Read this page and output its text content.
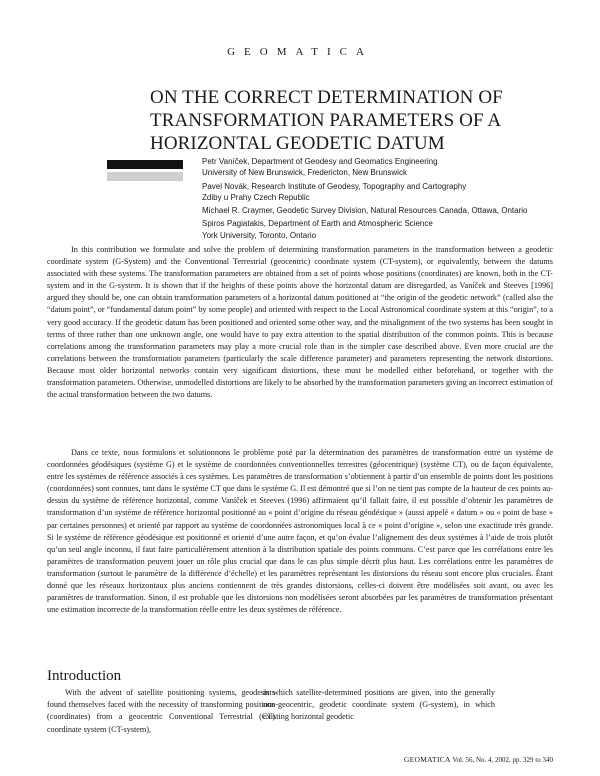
GEOMATICA
ON THE CORRECT DETERMINATION OF TRANSFORMATION PARAMETERS OF A HORIZONTAL GEODETIC DATUM
Petr Vaníček, Department of Geodesy and Geomatics Engineering
University of New Brunswick, Fredericton, New Brunswick
Pavel Novák, Research Institute of Geodesy, Topography and Cartography
Zdiby u Prahy Czech Republic
Michael R. Craymer, Geodetic Survey Division, Natural Resources Canada, Ottawa, Ontario
Spiros Pagiatakis, Department of Earth and Atmospheric Science
York University, Toronto, Ontario

In this contribution we formulate and solve the problem of determining transformation parameters in the transformation between a geodetic coordinate system (G-System) and the Conventional Terrestrial (geocentric) coordinate system (CT-system), or equivalently, between the datums associated with these systems. The transformation parameters are obtained from a set of points whose positions (coordinates) are known, both in the CT-system and in the G-system. It is shown that if the heights of these points above the horizontal datum are disregarded, as Vaníček and Steeves [1996] argued they should be, one can obtain transformation parameters of a horizontal datum positioned at “the origin of the geodetic network” (called also the “datum point”, or “fundamental datum point” by some people) and oriented with respect to the Local Astronomical coordinate system at this “origin”, to a very good accuracy. If the geodetic datum has been positioned and oriented some other way, and the misalignment of the two systems has been sought in terms of three rather than one unknown angle, one would have to pay extra attention to the spatial distribution of the common points. This is because correlations among the transformation parameters may play a more crucial role than in the simpler case described above. Even more crucial are the correlations between the transformation parameters (particularly the scale difference parameter) and parameters representing the network distortions. Because most older horizontal networks contain very significant distortions, these must be modelled either beforehand, or together with the transformation parameters. Otherwise, unmodelled distortions are likely to be absorbed by the transformation parameters giving an incorrect estimation of the actual transformation between the two datums.

Dans ce texte, nous formulons et solutionnons le problème posé par la détermination des paramètres de transformation entre un système de coordonnées géodésiques (système G) et le système de coordonnées conventionnelles terrestres (géocentrique) (système CT), ou de façon équivalente, entre les systèmes de référence associés à ces systèmes. Les paramètres de transformation s’obtiennent à partir d’un ensemble de points dont les positions (coordonnées) sont connues, tant dans le système CT que dans le système G. Il est démontré que si l’on ne tient pas compte de la hauteur de ces points au-dessus du système de référence horizontal, comme Vaníček et Steeves (1996) affirmaient qu’il fallait faire, il est possible d’obtenir les paramètres de transformation d’un système de référence horizontal positionné au « point d’origine du réseau géodésique » (aussi appelé « datum » ou « point de base » par certaines personnes) et orienté par rapport au système de coordonnées astronomiques local à ce « point d’origine », selon une exactitude très grande. Si le système de référence géodésique est positionné et orienté d’une autre façon, et qu’on évalue l’alignement des deux systèmes à l’aide de trois plutôt qu’un seul angle inconnu, il faut faire particulièrement attention à la distribution spatiale des points communs. C’est parce que les corrélations entre les paramètres de transformation peuvent jouer un rôle plus crucial que dans le cas plus simple décrit plus haut. Les corrélations entre les paramètres de transformation (surtout le paramètre de la différence d’échelle) et les paramètres représentant les distorsions du réseau sont encore plus cruciales. Étant donné que les réseaux horizontaux plus anciens contiennent de très grandes distorsions, celles-ci doivent être modélisées soit avant, ou avec les paramètres de transformation. Sinon, il est probable que les distorsions non modélisées seront absorbées par les paramètres de transformation présentant une estimation incorrecte de la transformation réelle entre les deux systèmes de référence.

Introduction

With the advent of satellite positioning systems, geodesists found themselves faced with the necessity of transforming positions (coordinates) from a geocentric Conventional Terrestrial (CT) coordinate system (CT-system),

in which satellite-determined positions are given, into the generally non-geocentric, geodetic coordinate system (G-system), in which existing horizontal geodetic

GEOMATICA Vol. 56, No. 4, 2002, pp. 329 to 340
